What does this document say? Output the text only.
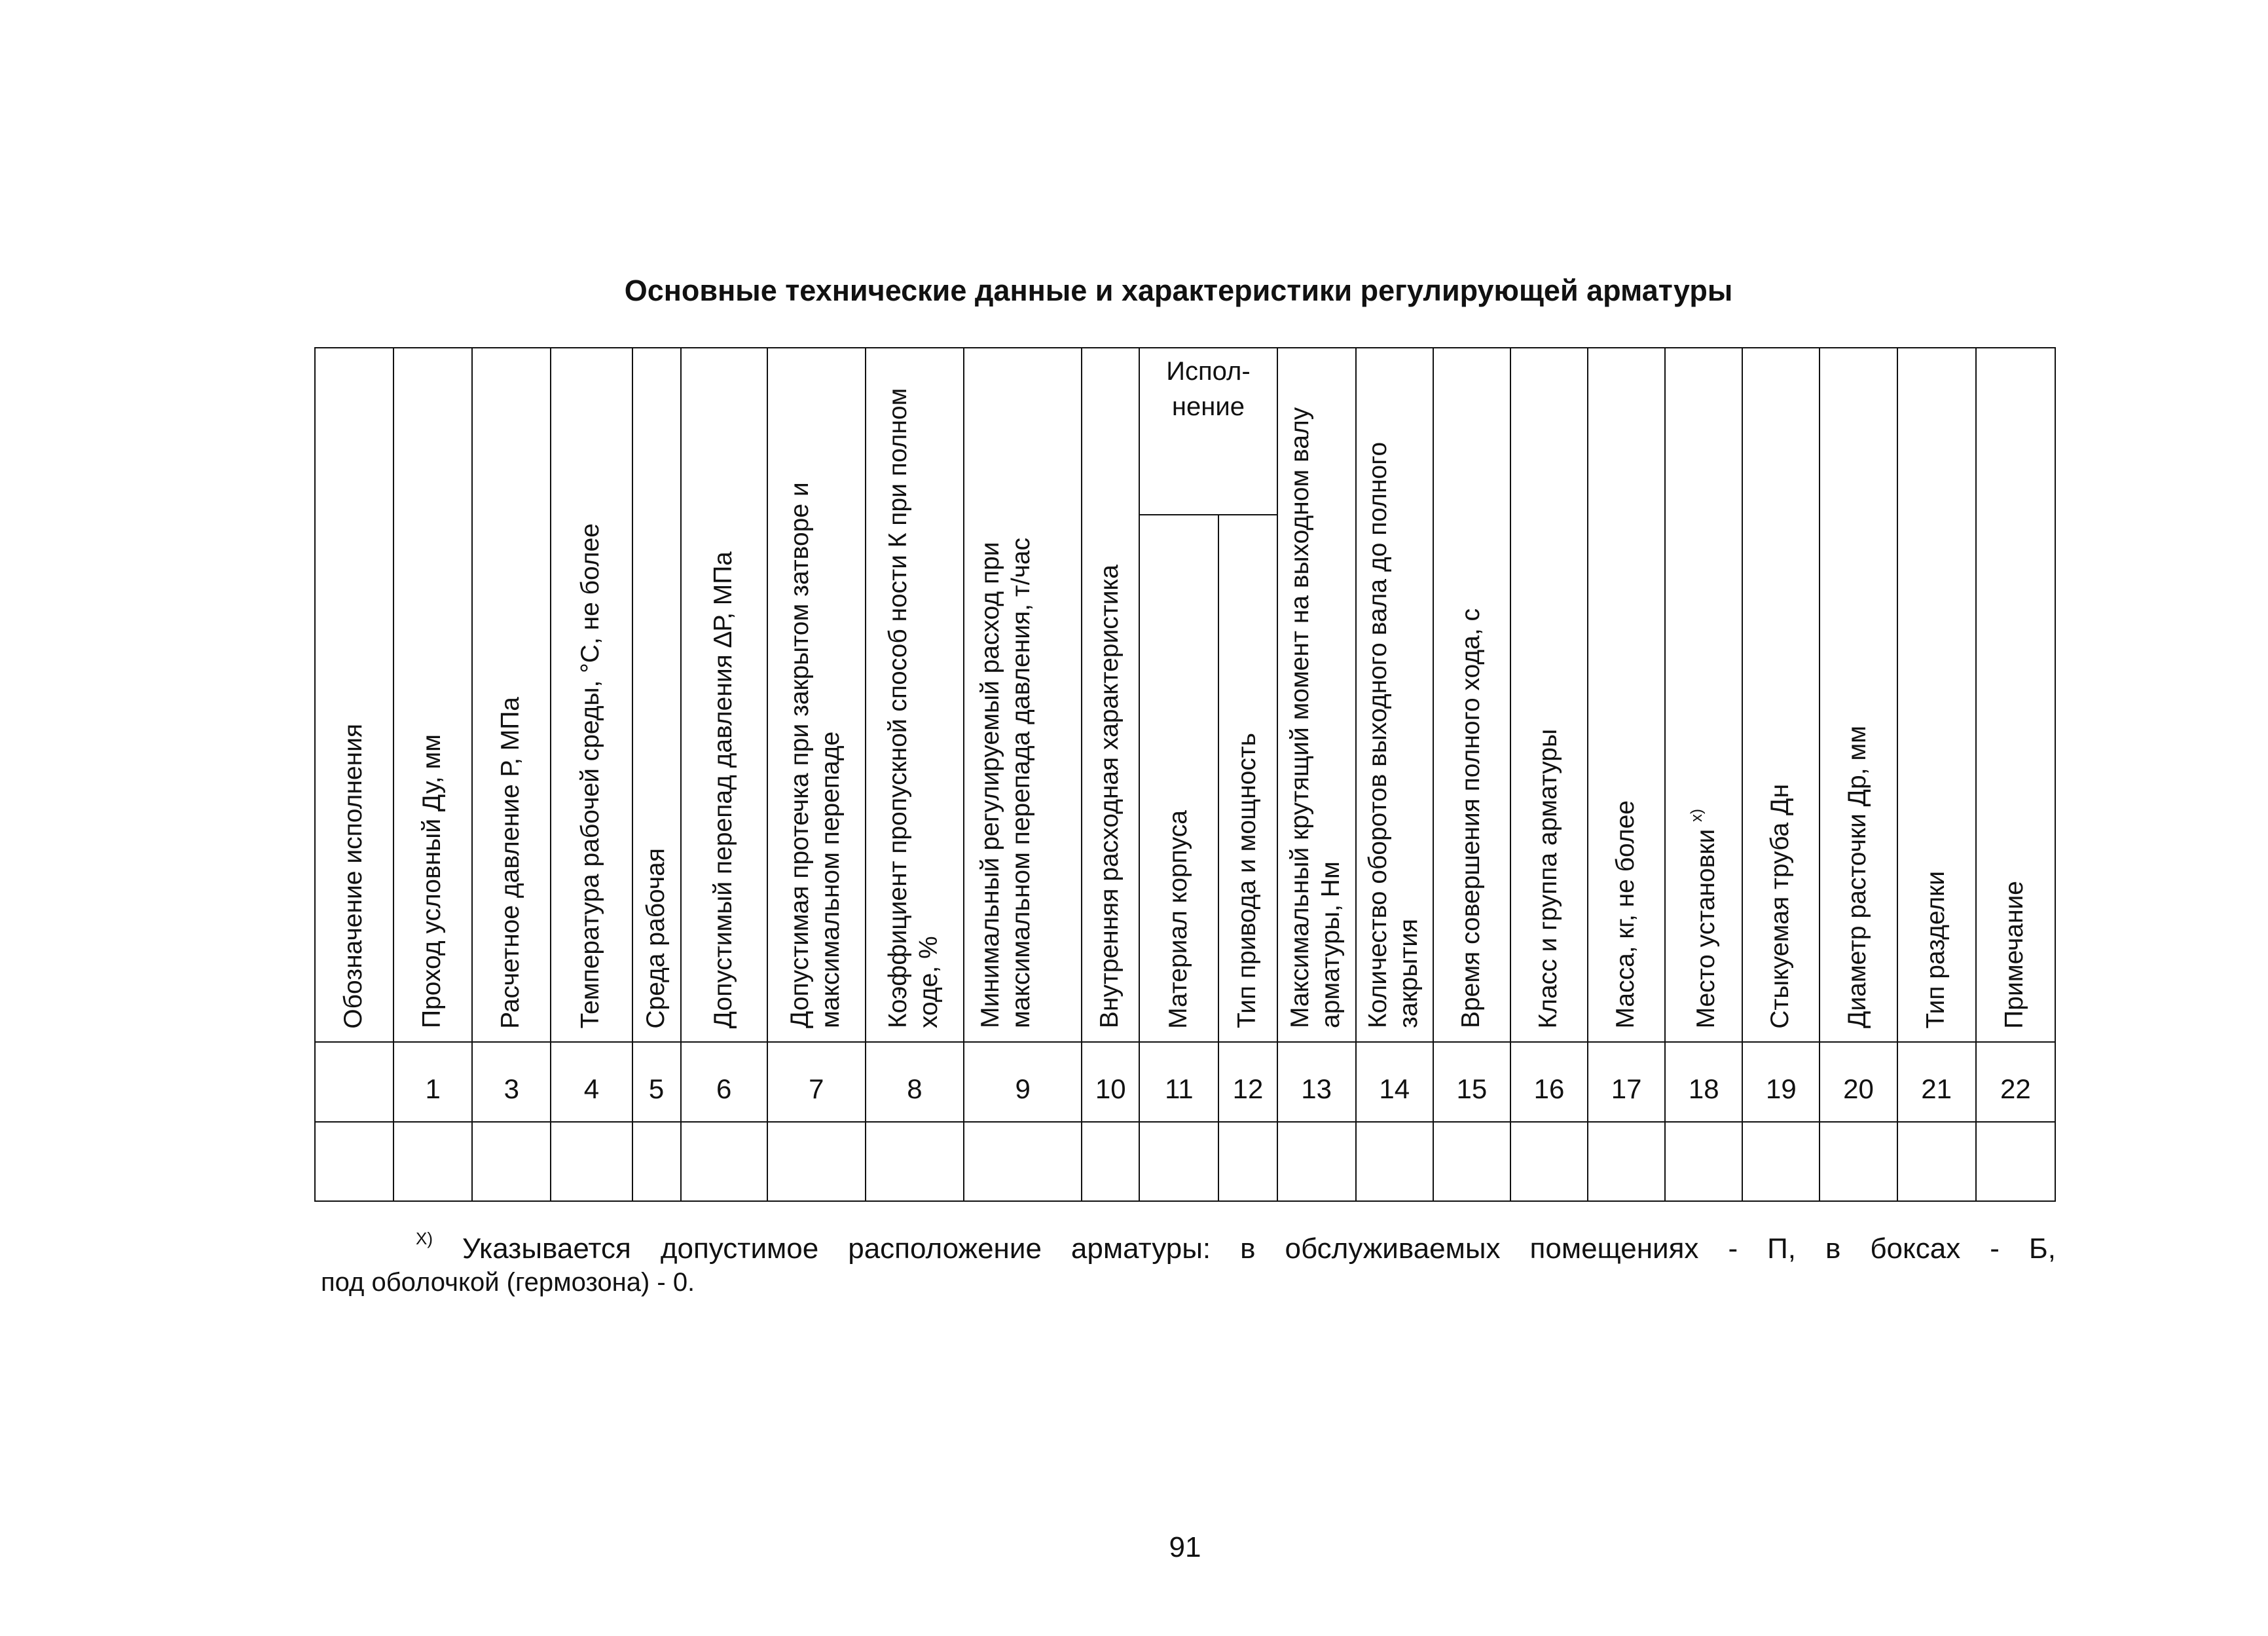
Основные технические данные и характеристики регулирующей арматуры
Обозначение исполнения	Проход условный Ду, мм	Расчетное давление Р, МПа	Температура рабочей среды, °С, не более	Среда рабочая	Допустимый перепад давления ∆Р, МПа	Допустимая протечка при закрытом затворе и максимальном перепаде	Коэффициент пропускной способ ности К при полном ходе, %	Минимальный регулируемый расход при максимальном перепада давления, т/час	Внутренняя расходная характеристика	Испол- нение		Максимальный крутящий момент на выходном валу арматуры, Нм	Количество оборотов выходного вала до полного закрытия	Время совершения полного хода, с	Класс и группа арматуры	Масса, кг, не более	Место установки $^{х)}$	Стыкуемая труба Дн	Диаметр расточки Др, мм	Тип разделки	Примечание

										Материал корпуса	Тип привода и мощность										

	1	3	4	5	6	7	8	9	10	11	12	13	14	15	16	17	18	19	20	21	22

$^{Х)}$ Указывается допустимое расположение арматуры: в обслуживаемых помещениях - П, в боксах - Б,
под оболочкой (гермозона) - 0.
91
